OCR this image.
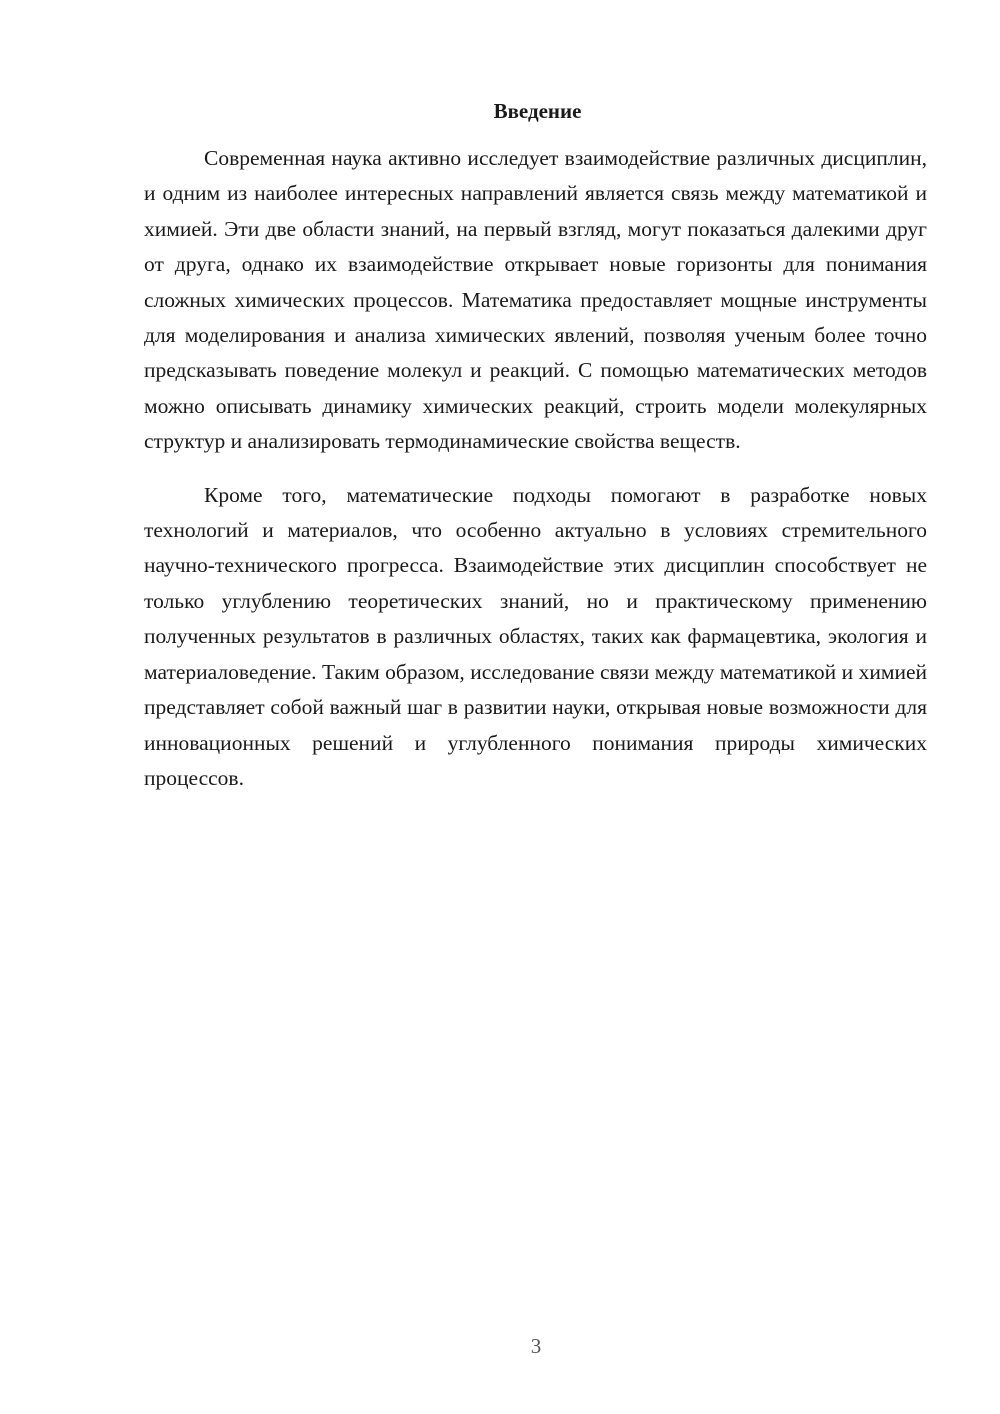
Введение

Современная наука активно исследует взаимодействие различных дисциплин, и одним из наиболее интересных направлений является связь между математикой и химией. Эти две области знаний, на первый взгляд, могут показаться далекими друг от друга, однако их взаимодействие открывает новые горизонты для понимания сложных химических процессов. Математика предоставляет мощные инструменты для моделирования и анализа химических явлений, позволяя ученым более точно предсказывать поведение молекул и реакций. С помощью математических методов можно описывать динамику химических реакций, строить модели молекулярных структур и анализировать термодинамические свойства веществ.

Кроме того, математические подходы помогают в разработке новых технологий и материалов, что особенно актуально в условиях стремительного научно-технического прогресса. Взаимодействие этих дисциплин способствует не только углублению теоретических знаний, но и практическому применению полученных результатов в различных областях, таких как фармацевтика, экология и материаловедение. Таким образом, исследование связи между математикой и химией представляет собой важный шаг в развитии науки, открывая новые возможности для инновационных решений и углубленного понимания природы химических процессов.

3
